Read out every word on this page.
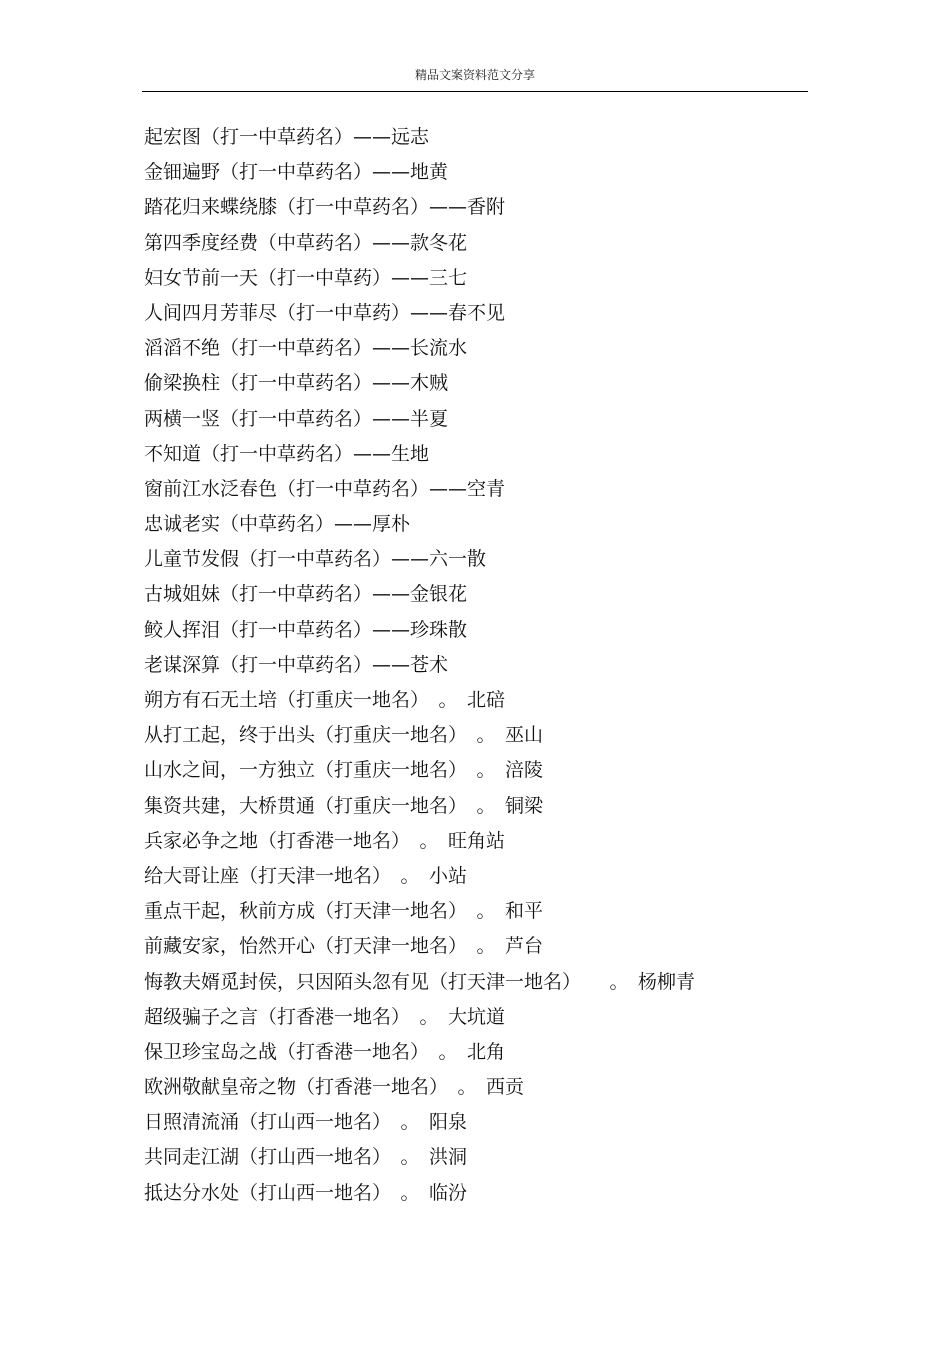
精品文案资料范文分享
起宏图（打一中草药名）——远志
金钿遍野（打一中草药名）——地黄
踏花归来蝶绕膝（打一中草药名）——香附
第四季度经费（中草药名）——款冬花
妇女节前一天（打一中草药）——三七
人间四月芳菲尽（打一中草药）——春不见
滔滔不绝（打一中草药名）——长流水
偷梁换柱（打一中草药名）——木贼
两横一竖（打一中草药名）——半夏
不知道（打一中草药名）——生地
窗前江水泛春色（打一中草药名）——空青
忠诚老实（中草药名）——厚朴
儿童节发假（打一中草药名）——六一散
古城姐妹（打一中草药名）——金银花
鲛人挥泪（打一中草药名）——珍珠散
老谋深算（打一中草药名）——苍术
朔方有石无土培（打重庆一地名）　。　北碚
从打工起，终于出头（打重庆一地名）　。　巫山
山水之间，一方独立（打重庆一地名）　。　涪陵
集资共建，大桥贯通（打重庆一地名）　。　铜梁
兵家必争之地（打香港一地名）　。　旺角站
给大哥让座（打天津一地名）　。　小站
重点干起，秋前方成（打天津一地名）　。　和平
前藏安家，怡然开心（打天津一地名）　。　芦台
悔教夫婿觅封侯，只因陌头忽有见（打天津一地名）　　。　杨柳青
超级骗子之言（打香港一地名）　。　大坑道
保卫珍宝岛之战（打香港一地名）　。　北角
欧洲敬献皇帝之物（打香港一地名）　。　西贡
日照清流涌（打山西一地名）　。　阳泉
共同走江湖（打山西一地名）　。　洪洞
抵达分水处（打山西一地名）　。　临汾
